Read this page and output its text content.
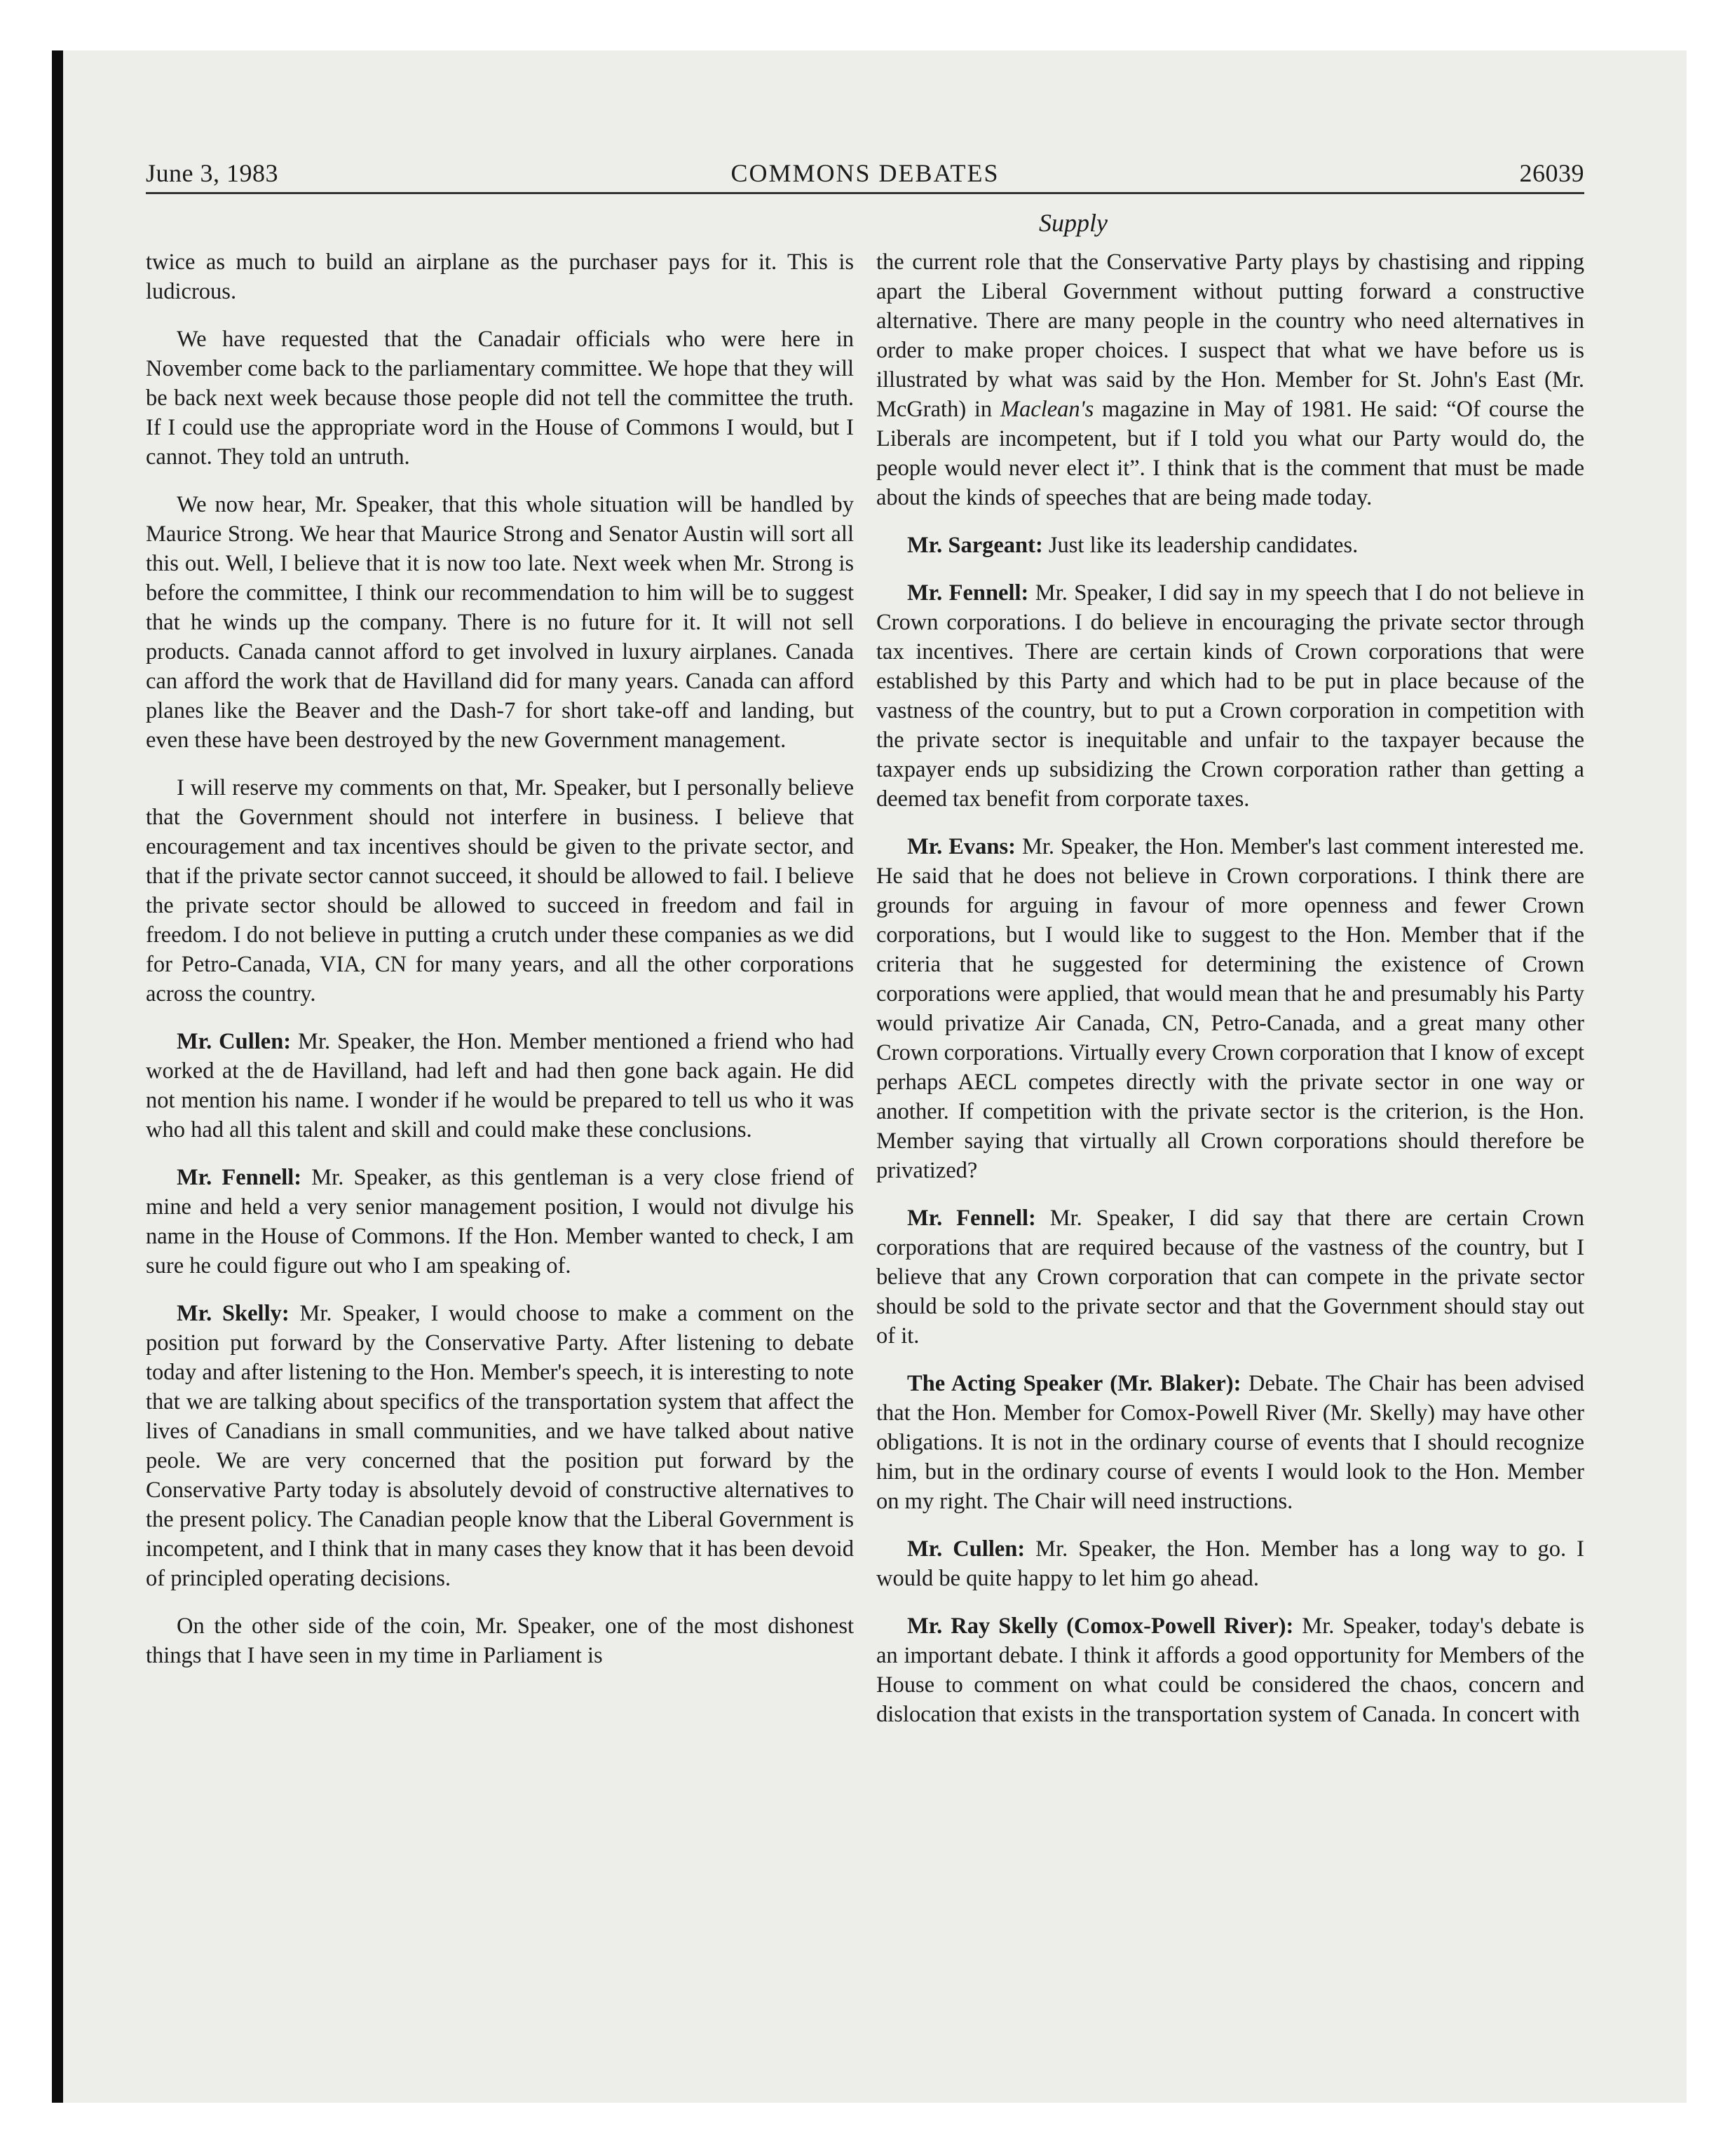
June 3, 1983	COMMONS DEBATES	26039
Supply

twice as much to build an airplane as the purchaser pays for it. This is ludicrous.

We have requested that the Canadair officials who were here in November come back to the parliamentary committee. We hope that they will be back next week because those people did not tell the committee the truth. If I could use the appropriate word in the House of Commons I would, but I cannot. They told an untruth.

We now hear, Mr. Speaker, that this whole situation will be handled by Maurice Strong. We hear that Maurice Strong and Senator Austin will sort all this out. Well, I believe that it is now too late. Next week when Mr. Strong is before the committee, I think our recommendation to him will be to suggest that he winds up the company. There is no future for it. It will not sell products. Canada cannot afford to get involved in luxury airplanes. Canada can afford the work that de Havilland did for many years. Canada can afford planes like the Beaver and the Dash-7 for short take-off and landing, but even these have been destroyed by the new Government management.

I will reserve my comments on that, Mr. Speaker, but I personally believe that the Government should not interfere in business. I believe that encouragement and tax incentives should be given to the private sector, and that if the private sector cannot succeed, it should be allowed to fail. I believe the private sector should be allowed to succeed in freedom and fail in freedom. I do not believe in putting a crutch under these companies as we did for Petro-Canada, VIA, CN for many years, and all the other corporations across the country.

Mr. Cullen: Mr. Speaker, the Hon. Member mentioned a friend who had worked at the de Havilland, had left and had then gone back again. He did not mention his name. I wonder if he would be prepared to tell us who it was who had all this talent and skill and could make these conclusions.

Mr. Fennell: Mr. Speaker, as this gentleman is a very close friend of mine and held a very senior management position, I would not divulge his name in the House of Commons. If the Hon. Member wanted to check, I am sure he could figure out who I am speaking of.

Mr. Skelly: Mr. Speaker, I would choose to make a comment on the position put forward by the Conservative Party. After listening to debate today and after listening to the Hon. Member's speech, it is interesting to note that we are talking about specifics of the transportation system that affect the lives of Canadians in small communities, and we have talked about native peole. We are very concerned that the position put forward by the Conservative Party today is absolutely devoid of constructive alternatives to the present policy. The Canadian people know that the Liberal Government is incompetent, and I think that in many cases they know that it has been devoid of principled operating decisions.

On the other side of the coin, Mr. Speaker, one of the most dishonest things that I have seen in my time in Parliament is

the current role that the Conservative Party plays by chastising and ripping apart the Liberal Government without putting forward a constructive alternative. There are many people in the country who need alternatives in order to make proper choices. I suspect that what we have before us is illustrated by what was said by the Hon. Member for St. John's East (Mr. McGrath) in Maclean's magazine in May of 1981. He said: “Of course the Liberals are incompetent, but if I told you what our Party would do, the people would never elect it”. I think that is the comment that must be made about the kinds of speeches that are being made today.

Mr. Sargeant: Just like its leadership candidates.

Mr. Fennell: Mr. Speaker, I did say in my speech that I do not believe in Crown corporations. I do believe in encouraging the private sector through tax incentives. There are certain kinds of Crown corporations that were established by this Party and which had to be put in place because of the vastness of the country, but to put a Crown corporation in competition with the private sector is inequitable and unfair to the taxpayer because the taxpayer ends up subsidizing the Crown corporation rather than getting a deemed tax benefit from corporate taxes.

Mr. Evans: Mr. Speaker, the Hon. Member's last comment interested me. He said that he does not believe in Crown corporations. I think there are grounds for arguing in favour of more openness and fewer Crown corporations, but I would like to suggest to the Hon. Member that if the criteria that he suggested for determining the existence of Crown corporations were applied, that would mean that he and presumably his Party would privatize Air Canada, CN, Petro-Canada, and a great many other Crown corporations. Virtually every Crown corporation that I know of except perhaps AECL competes directly with the private sector in one way or another. If competition with the private sector is the criterion, is the Hon. Member saying that virtually all Crown corporations should therefore be privatized?

Mr. Fennell: Mr. Speaker, I did say that there are certain Crown corporations that are required because of the vastness of the country, but I believe that any Crown corporation that can compete in the private sector should be sold to the private sector and that the Government should stay out of it.

The Acting Speaker (Mr. Blaker): Debate. The Chair has been advised that the Hon. Member for Comox-Powell River (Mr. Skelly) may have other obligations. It is not in the ordinary course of events that I should recognize him, but in the ordinary course of events I would look to the Hon. Member on my right. The Chair will need instructions.

Mr. Cullen: Mr. Speaker, the Hon. Member has a long way to go. I would be quite happy to let him go ahead.

Mr. Ray Skelly (Comox-Powell River): Mr. Speaker, today's debate is an important debate. I think it affords a good opportunity for Members of the House to comment on what could be considered the chaos, concern and dislocation that exists in the transportation system of Canada. In concert with
